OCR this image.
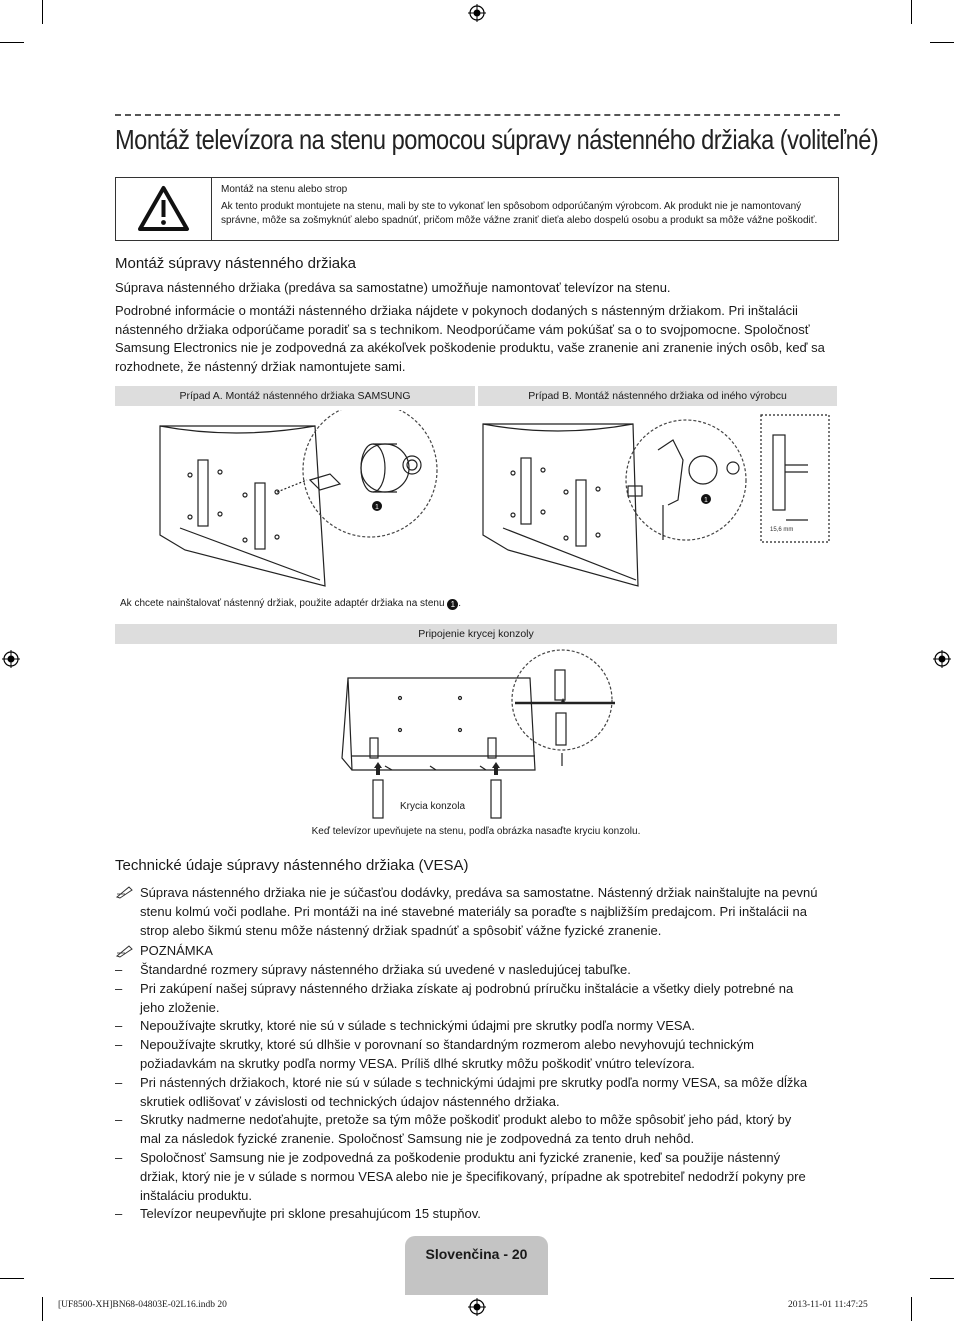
Montáž televízora na stenu pomocou súpravy nástenného držiaka (voliteľné)
Montáž na stenu alebo strop
Ak tento produkt montujete na stenu, mali by ste to vykonať len spôsobom odporúčaným výrobcom. Ak produkt nie je namontovaný správne, môže sa zošmyknúť alebo spadnúť, pričom môže vážne zraniť dieťa alebo dospelú osobu a produkt sa môže vážne poškodiť.
Montáž súpravy nástenného držiaka
Súprava nástenného držiaka (predáva sa samostatne) umožňuje namontovať televízor na stenu.
Podrobné informácie o montáži nástenného držiaka nájdete v pokynoch dodaných s nástenným držiakom. Pri inštalácii nástenného držiaka odporúčame poradiť sa s technikom. Neodporúčame vám pokúšať sa o to svojpomocne. Spoločnosť Samsung Electronics nie je zodpovedná za akékoľvek poškodenie produktu, vaše zranenie ani zranenie iných osôb, keď sa rozhodnete, že nástenný držiak namontujete sami.
Prípad A. Montáž nástenného držiaka SAMSUNG	Prípad B. Montáž nástenného držiaka od iného výrobcu
1
1
15,6 mm
Ak chcete nainštalovať nástenný držiak, použite adaptér držiaka na stenu 1 .
Pripojenie krycej konzoly
Krycia konzola
Keď televízor upevňujete na stenu, podľa obrázka nasaďte kryciu konzolu.
Technické údaje súpravy nástenného držiaka (VESA)
Súprava nástenného držiaka nie je súčasťou dodávky, predáva sa samostatne. Nástenný držiak nainštalujte na pevnú stenu kolmú voči podlahe. Pri montáži na iné stavebné materiály sa poraďte s najbližším predajcom. Pri inštalácii na strop alebo šikmú stenu môže nástenný držiak spadnúť a spôsobiť vážne fyzické zranenie.
POZNÁMKA
– Štandardné rozmery súpravy nástenného držiaka sú uvedené v nasledujúcej tabuľke.
– Pri zakúpení našej súpravy nástenného držiaka získate aj podrobnú príručku inštalácie a všetky diely potrebné na jeho zloženie.
– Nepoužívajte skrutky, ktoré nie sú v súlade s technickými údajmi pre skrutky podľa normy VESA.
– Nepoužívajte skrutky, ktoré sú dlhšie v porovnaní so štandardným rozmerom alebo nevyhovujú technickým požiadavkám na skrutky podľa normy VESA. Príliš dlhé skrutky môžu poškodiť vnútro televízora.
– Pri nástenných držiakoch, ktoré nie sú v súlade s technickými údajmi pre skrutky podľa normy VESA, sa môže dĺžka skrutiek odlišovať v závislosti od technických údajov nástenného držiaka.
– Skrutky nadmerne nedoťahujte, pretože sa tým môže poškodiť produkt alebo to môže spôsobiť jeho pád, ktorý by mal za následok fyzické zranenie. Spoločnosť Samsung nie je zodpovedná za tento druh nehôd.
– Spoločnosť Samsung nie je zodpovedná za poškodenie produktu ani fyzické zranenie, keď sa použije nástenný držiak, ktorý nie je v súlade s normou VESA alebo nie je špecifikovaný, prípadne ak spotrebiteľ nedodrží pokyny pre inštaláciu produktu.
– Televízor neupevňujte pri sklone presahujúcom 15 stupňov.
Slovenčina - 20
[UF8500-XH]BN68-04803E-02L16.indb 20	2013-11-01 11:47:25
